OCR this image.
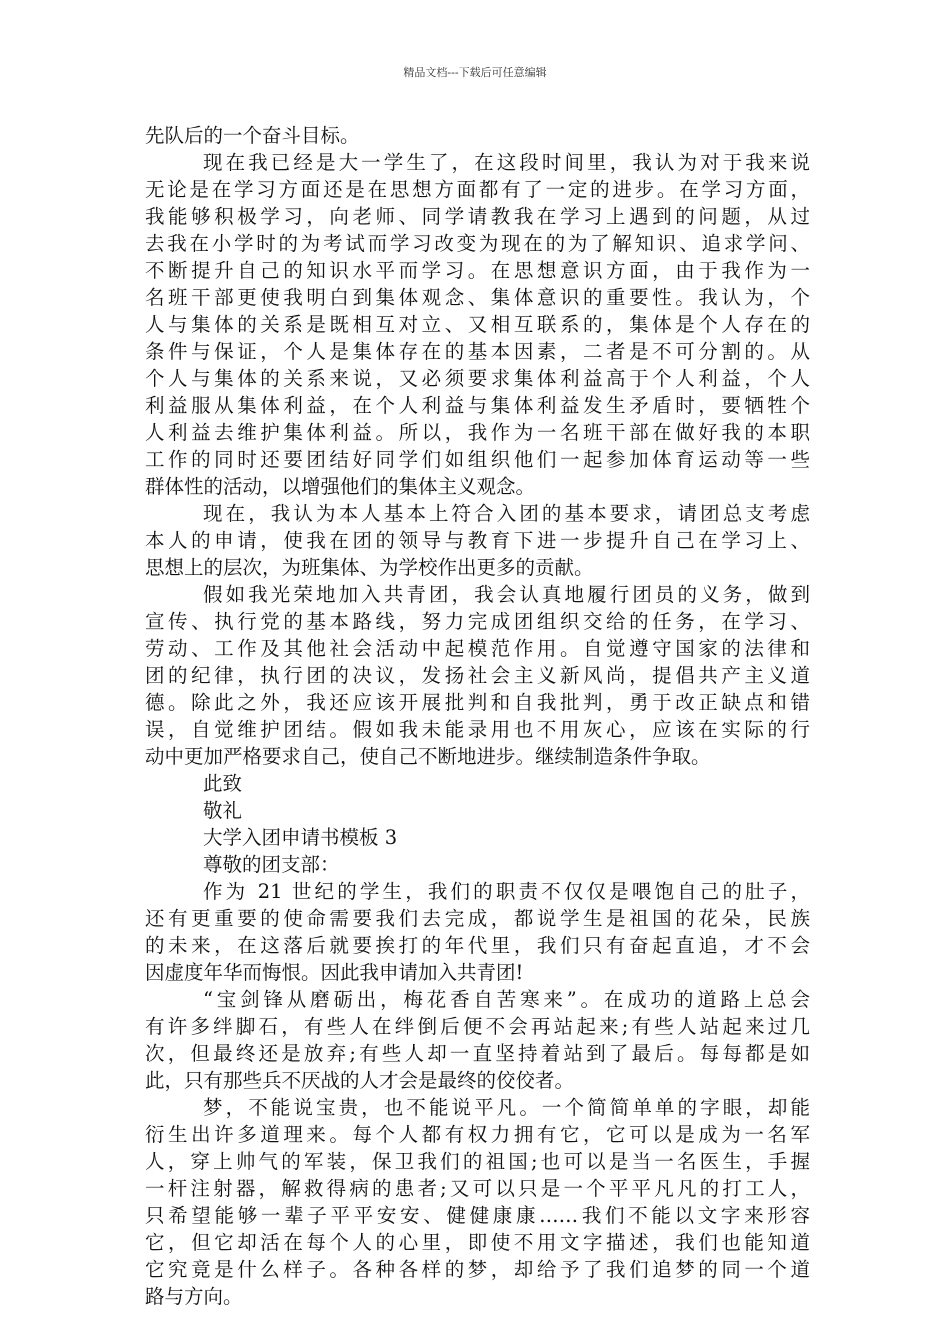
精品文档---下载后可任意编辑
先队后的一个奋斗目标。
现在我已经是大一学生了，在这段时间里，我认为对于我来说
无论是在学习方面还是在思想方面都有了一定的进步。在学习方面，
我能够积极学习，向老师、同学请教我在学习上遇到的问题，从过
去我在小学时的为考试而学习改变为现在的为了解知识、追求学问、
不断提升自己的知识水平而学习。在思想意识方面，由于我作为一
名班干部更使我明白到集体观念、集体意识的重要性。我认为，个
人与集体的关系是既相互对立、又相互联系的，集体是个人存在的
条件与保证，个人是集体存在的基本因素，二者是不可分割的。从
个人与集体的关系来说，又必须要求集体利益高于个人利益，个人
利益服从集体利益，在个人利益与集体利益发生矛盾时，要牺牲个
人利益去维护集体利益。所以，我作为一名班干部在做好我的本职
工作的同时还要团结好同学们如组织他们一起参加体育运动等一些
群体性的活动，以增强他们的集体主义观念。
现在，我认为本人基本上符合入团的基本要求，请团总支考虑
本人的申请，使我在团的领导与教育下进一步提升自己在学习上、
思想上的层次，为班集体、为学校作出更多的贡献。
假如我光荣地加入共青团，我会认真地履行团员的义务，做到
宣传、执行党的基本路线，努力完成团组织交给的任务，在学习、
劳动、工作及其他社会活动中起模范作用。自觉遵守国家的法律和
团的纪律，执行团的决议，发扬社会主义新风尚，提倡共产主义道
德。除此之外，我还应该开展批判和自我批判，勇于改正缺点和错
误，自觉维护团结。假如我未能录用也不用灰心，应该在实际的行
动中更加严格要求自己，使自己不断地进步。继续制造条件争取。
此致
敬礼
大学入团申请书模板 3
尊敬的团支部：
作为 21 世纪的学生，我们的职责不仅仅是喂饱自己的肚子，
还有更重要的使命需要我们去完成，都说学生是祖国的花朵，民族
的未来，在这落后就要挨打的年代里，我们只有奋起直追，才不会
因虚度年华而悔恨。因此我申请加入共青团!
“宝剑锋从磨砺出，梅花香自苦寒来”。在成功的道路上总会
有许多绊脚石，有些人在绊倒后便不会再站起来;有些人站起来过几
次，但最终还是放弃;有些人却一直坚持着站到了最后。每每都是如
此，只有那些兵不厌战的人才会是最终的佼佼者。
梦，不能说宝贵，也不能说平凡。一个简简单单的字眼，却能
衍生出许多道理来。每个人都有权力拥有它，它可以是成为一名军
人，穿上帅气的军装，保卫我们的祖国;也可以是当一名医生，手握
一杆注射器，解救得病的患者;又可以只是一个平平凡凡的打工人，
只希望能够一辈子平平安安、健健康康……我们不能以文字来形容
它，但它却活在每个人的心里，即使不用文字描述，我们也能知道
它究竟是什么样子。各种各样的梦，却给予了我们追梦的同一个道
路与方向。
